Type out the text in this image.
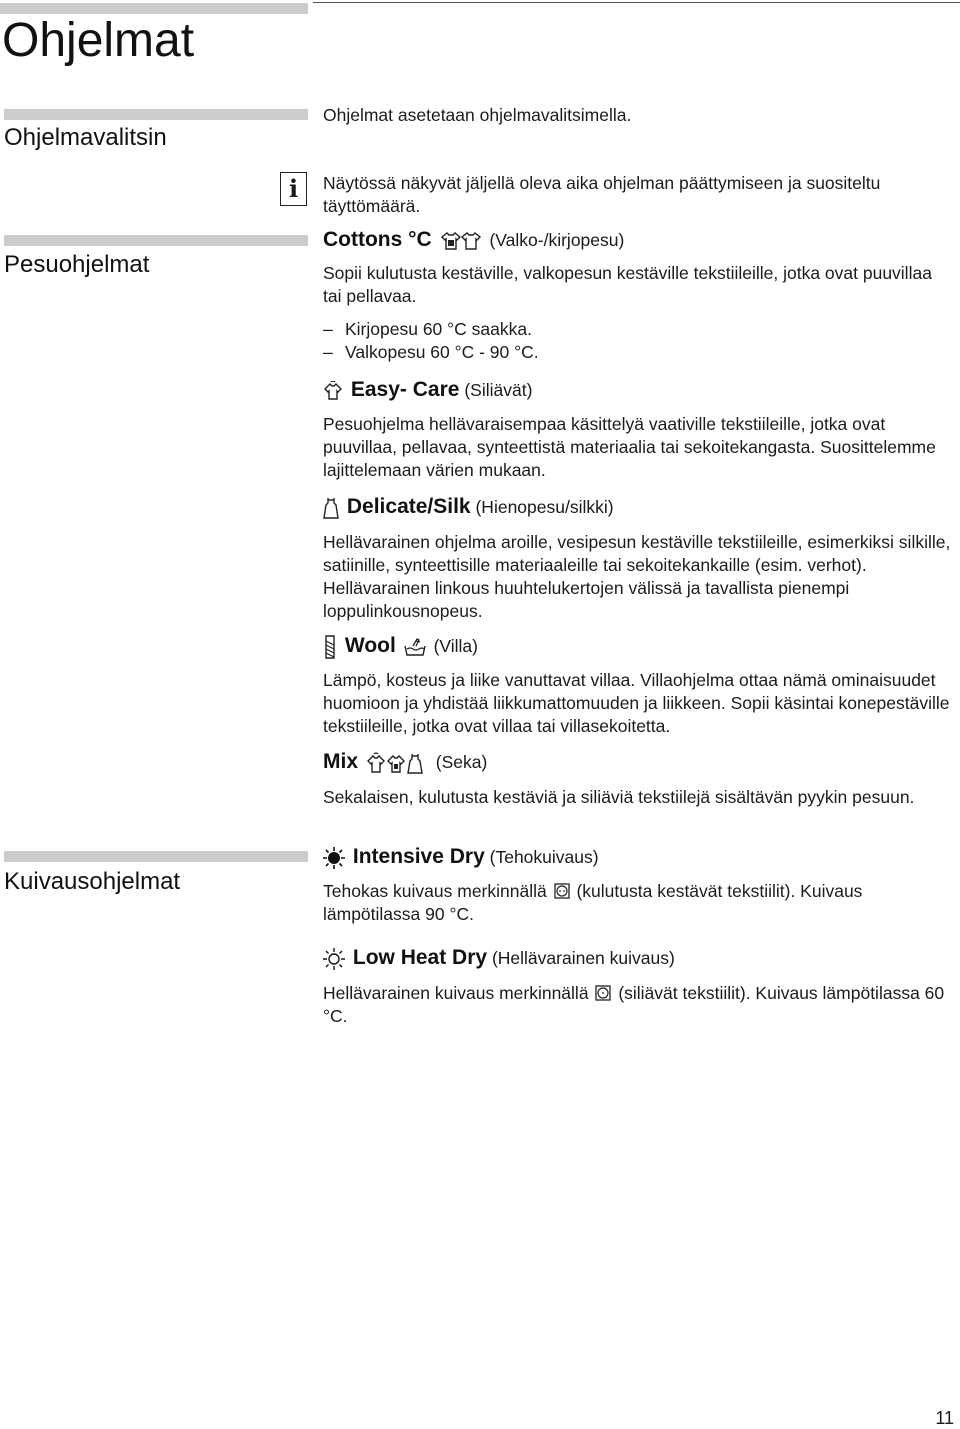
Ohjelmat
Ohjelmavalitsin
Ohjelmat asetetaan ohjelmavalitsimella.
i	Näytössä näkyvät jäljellä oleva aika ohjelman päättymiseen ja suositeltu täyttömäärä.
Pesuohjelmat
Cottons °C	(Valko-/kirjopesu)
Sopii kulutusta kestäville, valkopesun kestäville tekstiileille, jotka ovat puuvillaa tai pellavaa.
– Kirjopesu 60 °C saakka.
– Valkopesu 60 °C - 90 °C.
Easy- Care (Siliävät)
Pesuohjelma hellävaraisempaa käsittelyä vaativille tekstiileille, jotka ovat puuvillaa, pellavaa, synteettistä materiaalia tai sekoitekangasta. Suosittelemme lajittelemaan värien mukaan.
Delicate/Silk (Hienopesu/silkki)
Hellävarainen ohjelma aroille, vesipesun kestäville tekstiileille, esimerkiksi silkille, satiinille, synteettisille materiaaleille tai sekoitekankaille (esim. verhot). Hellävarainen linkous huuhtelukertojen välissä ja tavallista pienempi loppulinkousnopeus.
Wool (Villa)
Lämpö, kosteus ja liike vanuttavat villaa. Villaohjelma ottaa nämä ominaisuudet huomioon ja yhdistää liikkumattomuuden ja liikkeen. Sopii käsintai konepestäville tekstiileille, jotka ovat villaa tai villasekoitettа.
Mix	(Seka)
Sekalaisen, kulutusta kestäviä ja siliäviä tekstiilejä sisältävän pyykin pesuun.
Kuivausohjelmat
Intensive Dry (Tehokuivaus)
Tehokas kuivaus merkinnällä (kulutusta kestävät tekstiilit). Kuivaus lämpötilassa 90 °C.
Low Heat Dry (Hellävarainen kuivaus)
Hellävarainen kuivaus merkinnällä (siliävät tekstiilit). Kuivaus lämpötilassa 60 °C.
11
